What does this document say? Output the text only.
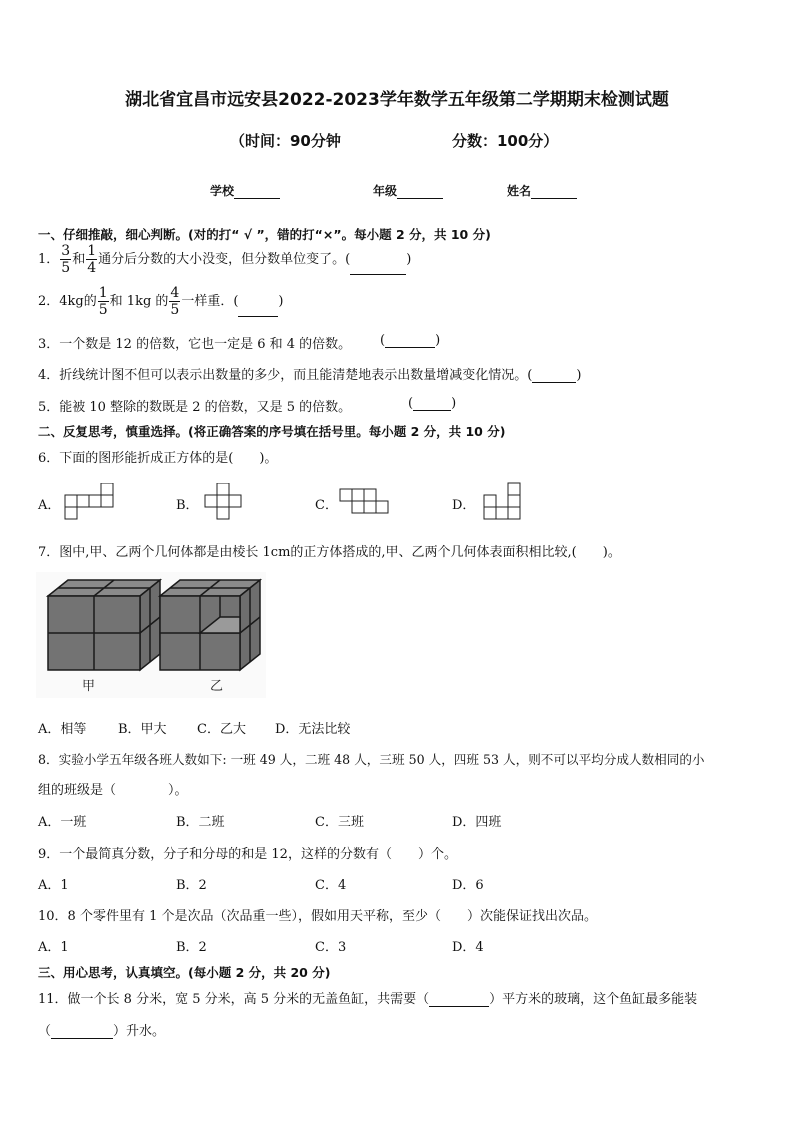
湖北省宜昌市远安县2022-2023学年数学五年级第二学期期末检测试题
（时间：90分钟	分数：100分）
学校	年级	姓名
一、仔细推敲，细心判断。(对的打“ √ ”，错的打“×”。每小题 2 分，共 10 分)
1． $\frac{3}{5}$ 和 $\frac{1}{4}$ 通分后分数的大小没变，但分数单位变了。(	)
2．4kg的 $\frac{1}{5}$ 和 1kg 的 $\frac{4}{5}$ 一样重．(	)
3．一个数是 12 的倍数，它也一定是 6 和 4 的倍数。 (	)
4．折线统计图不但可以表示出数量的多少，而且能清楚地表示出数量增减变化情况。(	)
5．能被 10 整除的数既是 2 的倍数，又是 5 的倍数。	(	)
二、反复思考，慎重选择。(将正确答案的序号填在括号里。每小题 2 分，共 10 分)
6．下面的图形能折成正方体的是(　　)。
A．	B．	C．	D．
7．图中,甲、乙两个几何体都是由棱长 1cm的正方体搭成的,甲、乙两个几何体表面积相比较,(　　)。
甲	乙
A．相等 B．甲大 C．乙大 D．无法比较
8．实验小学五年级各班人数如下: 一班 49 人，二班 48 人，三班 50 人，四班 53 人，则不可以平均分成人数相同的小
组的班级是（　　　　）。
A．一班	B．二班	C．三班	D．四班
9．一个最简真分数，分子和分母的和是 12，这样的分数有（　　）个。
A．1	B．2	C．4	D．6
10．8 个零件里有 1 个是次品（次品重一些），假如用天平称，至少（　　）次能保证找出次品。
A．1	B．2	C．3	D．4
三、用心思考，认真填空。(每小题 2 分，共 20 分)
11．做一个长 8 分米，宽 5 分米，高 5 分米的无盖鱼缸，共需要（	）平方米的玻璃，这个鱼缸最多能装
（	）升水。
